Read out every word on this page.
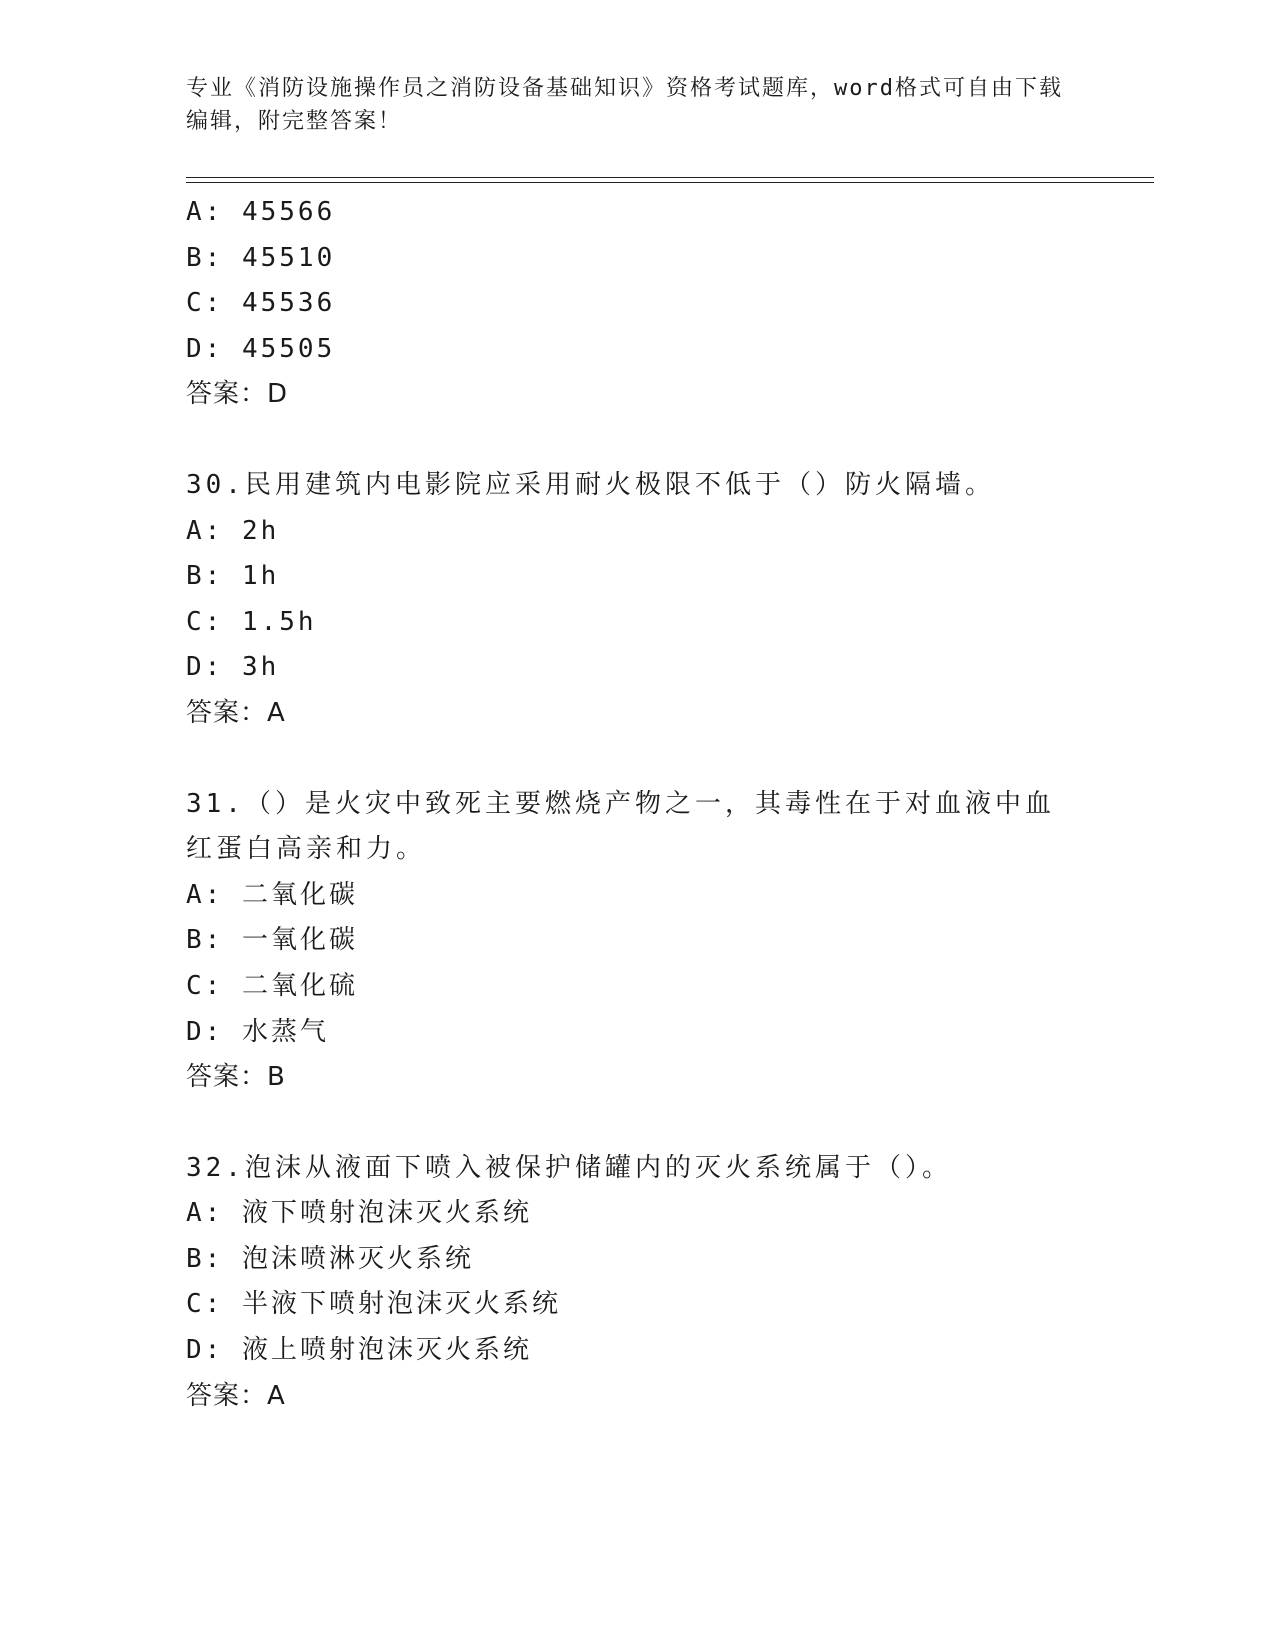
专业《消防设施操作员之消防设备基础知识》资格考试题库，word格式可自由下载编辑，附完整答案！
A: 45566
B: 45510
C: 45536
D: 45505
答案：D
30.民用建筑内电影院应采用耐火极限不低于（）防火隔墙。
A: 2h
B: 1h
C: 1.5h
D: 3h
答案：A
31.（）是火灾中致死主要燃烧产物之一，其毒性在于对血液中血红蛋白高亲和力。
A: 二氧化碳
B: 一氧化碳
C: 二氧化硫
D: 水蒸气
答案：B
32.泡沫从液面下喷入被保护储罐内的灭火系统属于（）。
A: 液下喷射泡沫灭火系统
B: 泡沫喷淋灭火系统
C: 半液下喷射泡沫灭火系统
D: 液上喷射泡沫灭火系统
答案：A
